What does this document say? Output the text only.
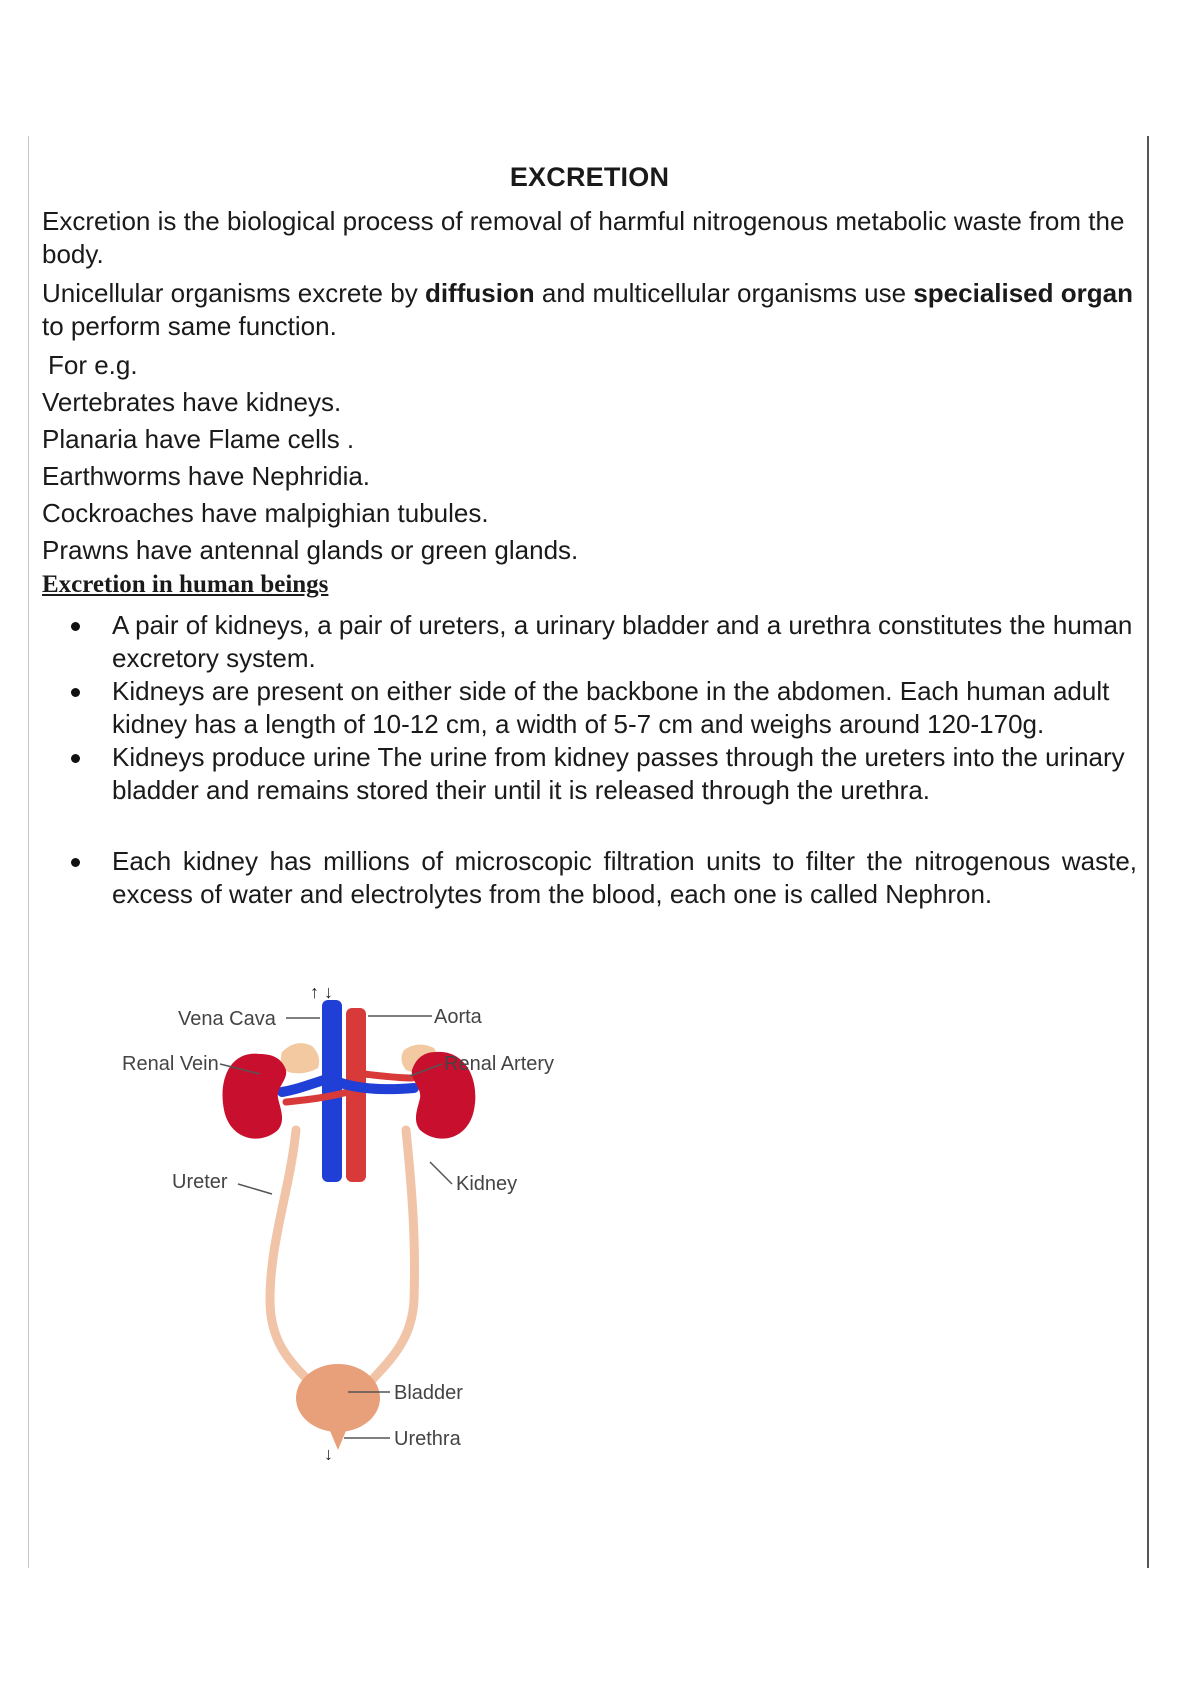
EXCRETION

Excretion is the biological process of removal of harmful nitrogenous metabolic waste from the body.

Unicellular organisms excrete by diffusion and multicellular organisms use specialised organ to perform same function.

For e.g.

Vertebrates have kidneys.

Planaria have Flame cells .

Earthworms have Nephridia.

Cockroaches have malpighian tubules.

Prawns have antennal glands or green glands.

Excretion in human beings
A pair of kidneys, a pair of ureters, a urinary bladder and a urethra constitutes the human excretory system.
Kidneys are present on either side of the backbone in the abdomen. Each human adult kidney has a length of 10-12 cm, a width of 5-7 cm and weighs around 120-170g.
Kidneys produce urine The urine from kidney passes through the ureters into the urinary bladder and remains stored their until it is released through the urethra.
Each kidney has millions of microscopic filtration units to filter the nitrogenous waste, excess of water and electrolytes from the blood, each one is called Nephron.
Vena Cava	Aorta
Renal Vein	Renal Artery
Ureter	Kidney
Bladder
Urethra
↑ ↓
↓
